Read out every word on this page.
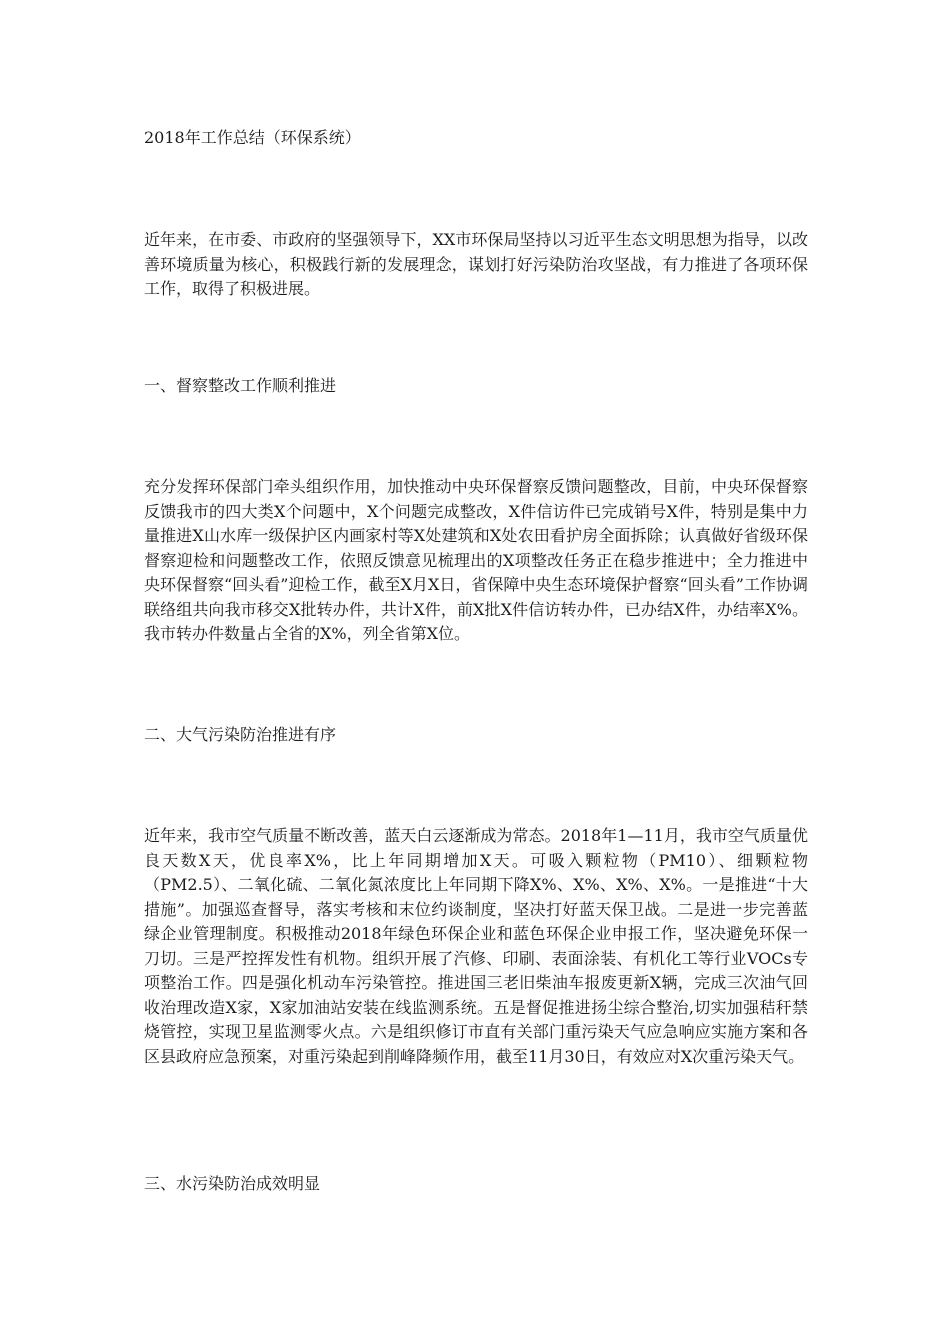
2018年工作总结（环保系统）

近年来，在市委、市政府的坚强领导下，XX市环保局坚持以习近平生态文明思想为指导，以改善环境质量为核心，积极践行新的发展理念，谋划打好污染防治攻坚战，有力推进了各项环保工作，取得了积极进展。

一、督察整改工作顺利推进

充分发挥环保部门牵头组织作用，加快推动中央环保督察反馈问题整改，目前，中央环保督察反馈我市的四大类X个问题中，X个问题完成整改，X件信访件已完成销号X件，特别是集中力量推进X山水库一级保护区内画家村等X处建筑和X处农田看护房全面拆除；认真做好省级环保督察迎检和问题整改工作，依照反馈意见梳理出的X项整改任务正在稳步推进中；全力推进中央环保督察“回头看”迎检工作，截至X月X日，省保障中央生态环境保护督察“回头看”工作协调联络组共向我市移交X批转办件，共计X件，前X批X件信访转办件，已办结X件，办结率X%。我市转办件数量占全省的X%，列全省第X位。

二、大气污染防治推进有序

近年来，我市空气质量不断改善，蓝天白云逐渐成为常态。2018年1—11月，我市空气质量优良天数X天，优良率X%，比上年同期增加X天。可吸入颗粒物（PM10）、细颗粒物（PM2.5）、二氧化硫、二氧化氮浓度比上年同期下降X%、X%、X%、X%。一是推进“十大措施”。加强巡查督导，落实考核和末位约谈制度，坚决打好蓝天保卫战。二是进一步完善蓝绿企业管理制度。积极推动2018年绿色环保企业和蓝色环保企业申报工作，坚决避免环保一刀切。三是严控挥发性有机物。组织开展了汽修、印刷、表面涂装、有机化工等行业VOCs专项整治工作。四是强化机动车污染管控。推进国三老旧柴油车报废更新X辆，完成三次油气回收治理改造X家，X家加油站安装在线监测系统。五是督促推进扬尘综合整治,切实加强秸秆禁烧管控，实现卫星监测零火点。六是组织修订市直有关部门重污染天气应急响应实施方案和各区县政府应急预案，对重污染起到削峰降频作用，截至11月30日，有效应对X次重污染天气。

三、水污染防治成效明显
